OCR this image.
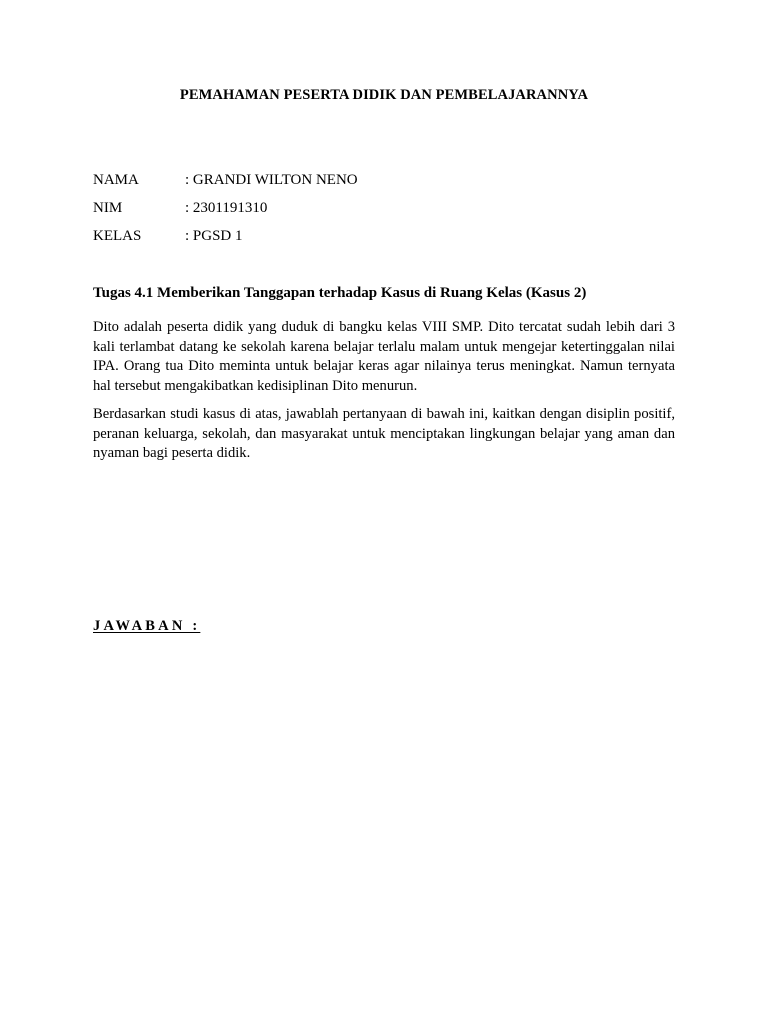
PEMAHAMAN PESERTA DIDIK DAN PEMBELAJARANNYA
NAMA	: GRANDI WILTON NENO
NIM	: 2301191310
KELAS	: PGSD 1
Tugas 4.1 Memberikan Tanggapan terhadap Kasus di Ruang Kelas (Kasus 2)
Dito adalah peserta didik yang duduk di bangku kelas VIII SMP. Dito tercatat sudah lebih dari 3 kali terlambat datang ke sekolah karena belajar terlalu malam untuk mengejar ketertinggalan nilai IPA. Orang tua Dito meminta untuk belajar keras agar nilainya terus meningkat. Namun ternyata hal tersebut mengakibatkan kedisiplinan Dito menurun.
Berdasarkan studi kasus di atas, jawablah pertanyaan di bawah ini, kaitkan dengan disiplin positif, peranan keluarga, sekolah, dan masyarakat untuk menciptakan lingkungan belajar yang aman dan nyaman bagi peserta didik.
JAWABAN :
